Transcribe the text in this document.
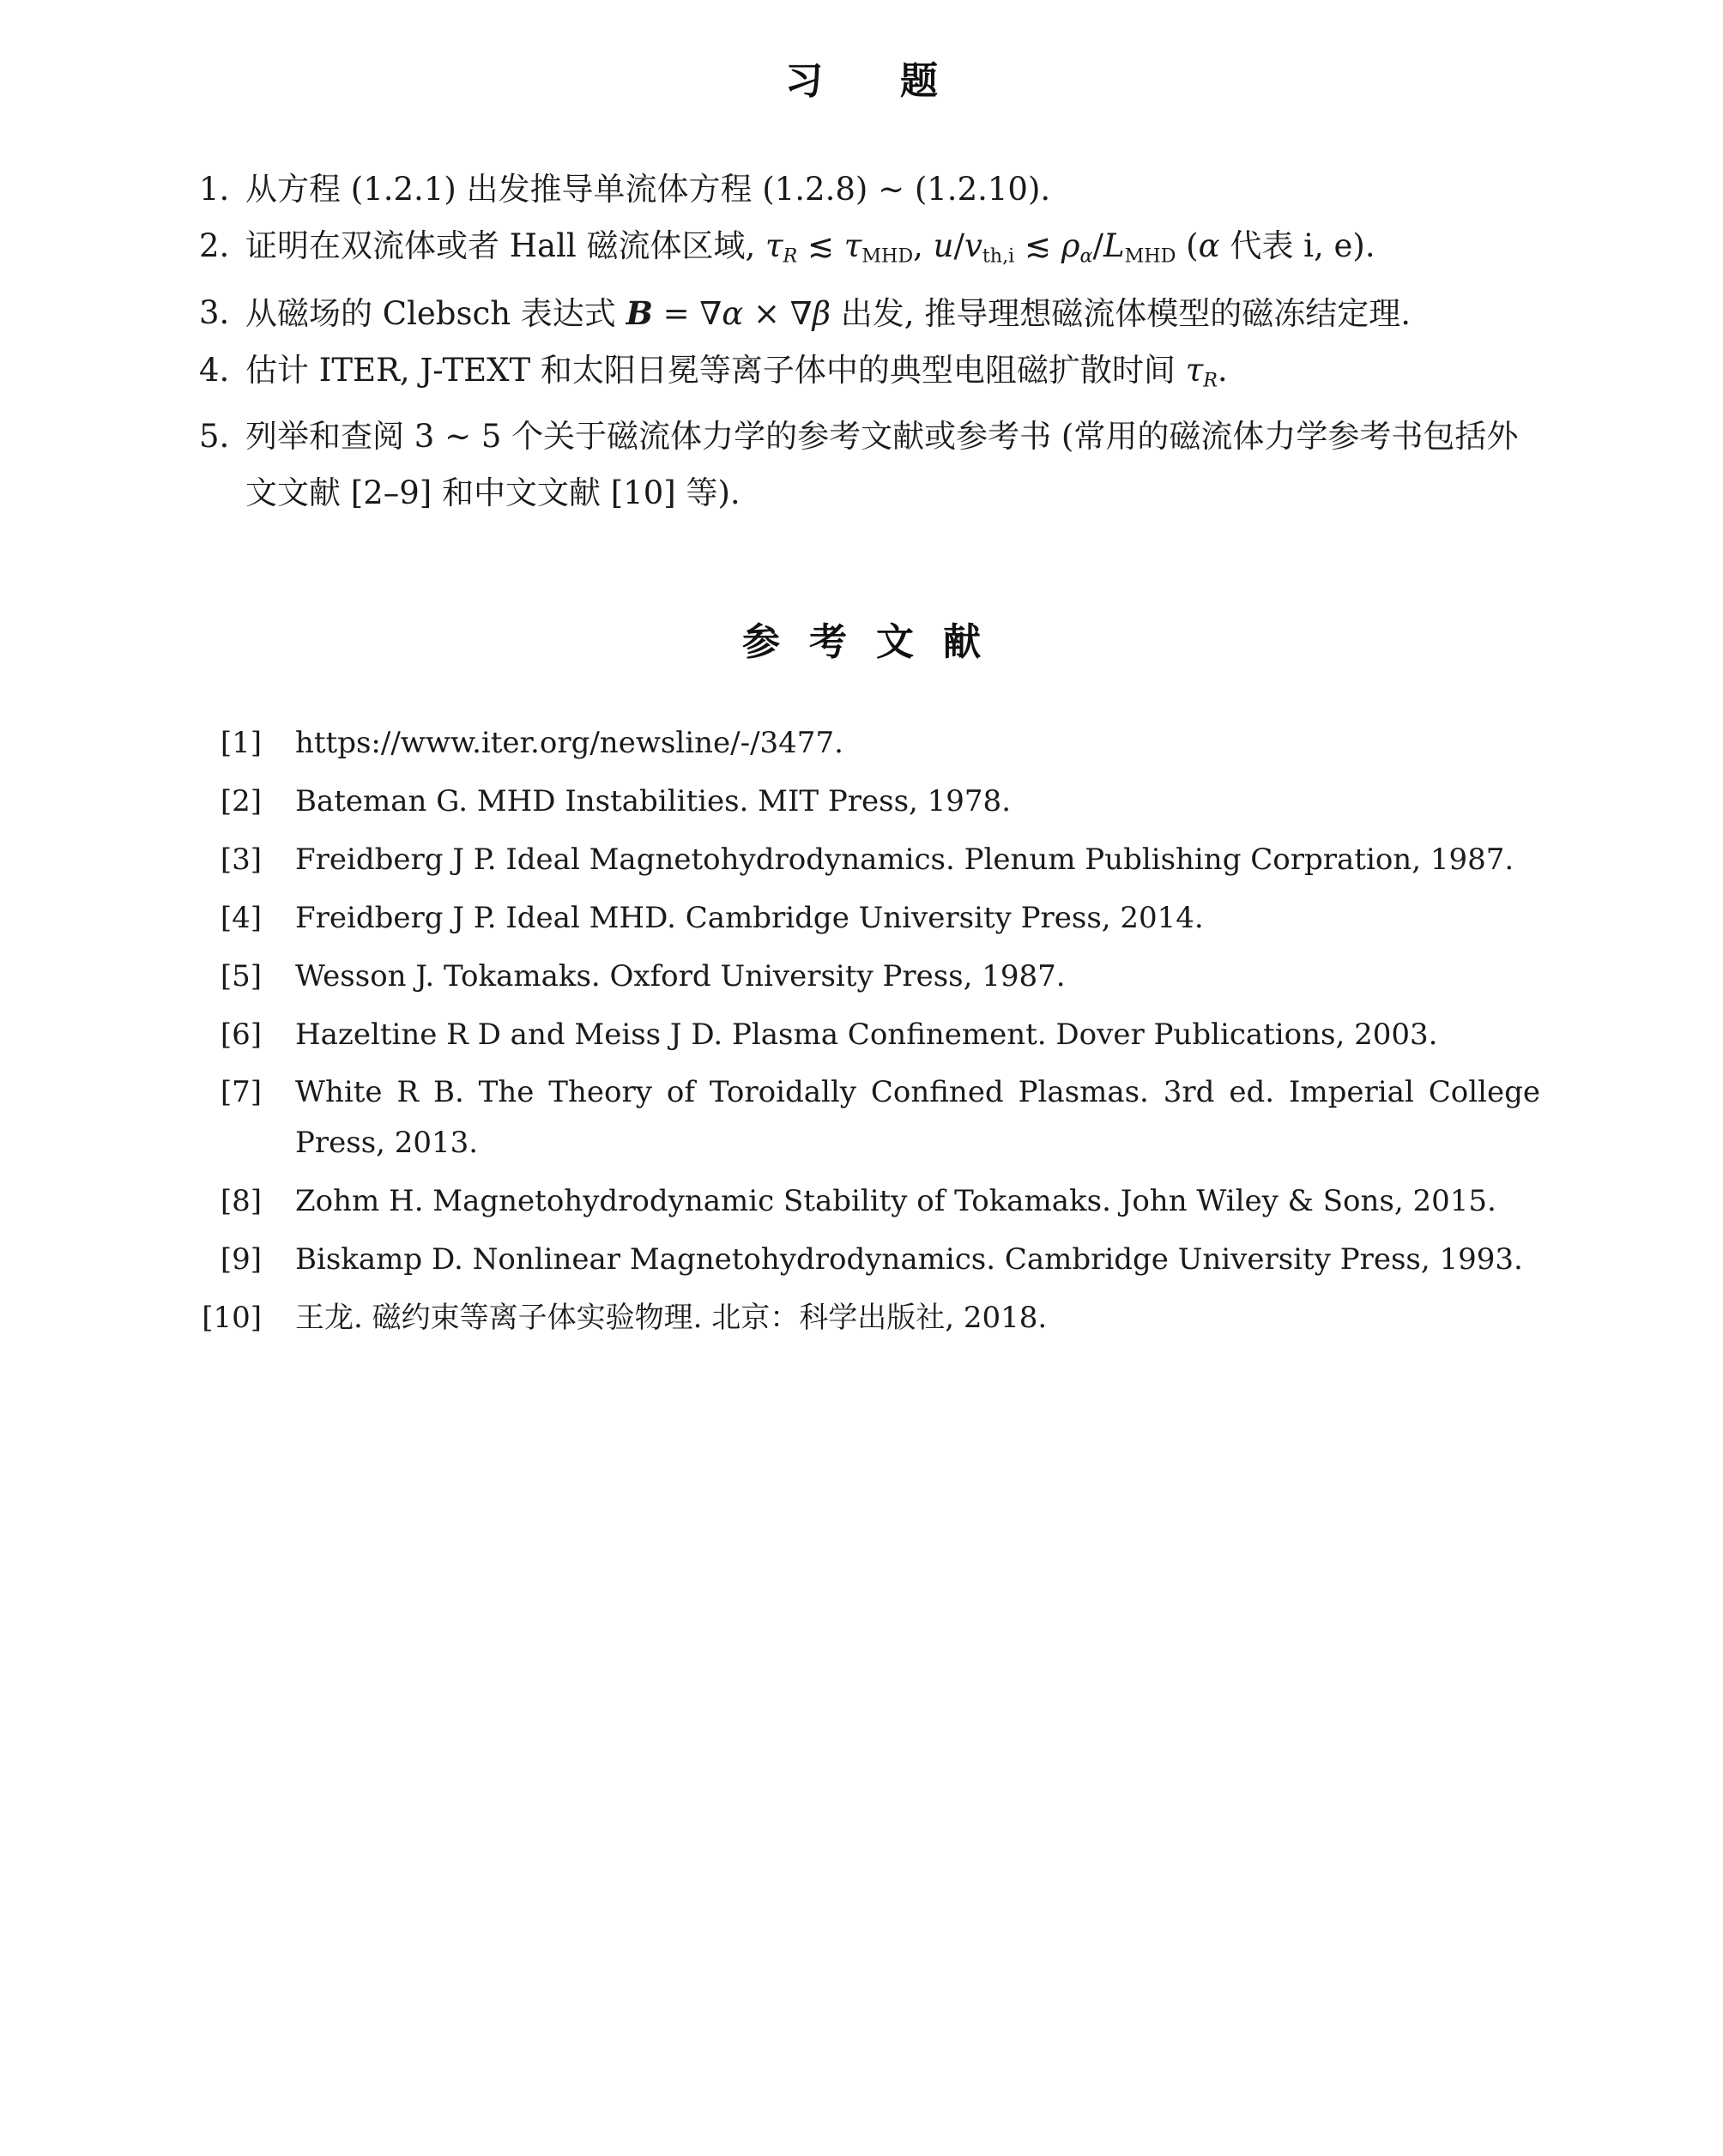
习题
1. 从方程 (1.2.1) 出发推导单流体方程 (1.2.8) ∼ (1.2.10).
2. 证明在双流体或者 Hall 磁流体区域, $\tau_R$ ≲ $\tau_{MHD}$, $u/v_{th,i}$ ≲ $\rho_\alpha/L_{MHD}$ (α 代表 i, e).
3. 从磁场的 Clebsch 表达式 B = ∇α × ∇β 出发, 推导理想磁流体模型的磁冻结定理.
4. 估计 ITER, J-TEXT 和太阳日冕等离子体中的典型电阻磁扩散时间 $\tau_R$.
5. 列举和查阅 3 ∼ 5 个关于磁流体力学的参考文献或参考书 (常用的磁流体力学参考书包括外文文献 [2–9] 和中文文献 [10] 等).
参考文献
[1]	https://www.iter.org/newsline/-/3477.
[2]	Bateman G. MHD Instabilities. MIT Press, 1978.
[3]	Freidberg J P. Ideal Magnetohydrodynamics. Plenum Publishing Corpration, 1987.
[4]	Freidberg J P. Ideal MHD. Cambridge University Press, 2014.
[5]	Wesson J. Tokamaks. Oxford University Press, 1987.
[6]	Hazeltine R D and Meiss J D. Plasma Confinement. Dover Publications, 2003.
[7]	White R B. The Theory of Toroidally Confined Plasmas. 3rd ed. Imperial College Press, 2013.
[8]	Zohm H. Magnetohydrodynamic Stability of Tokamaks. John Wiley & Sons, 2015.
[9]	Biskamp D. Nonlinear Magnetohydrodynamics. Cambridge University Press, 1993.
[10]	王龙. 磁约束等离子体实验物理. 北京：科学出版社, 2018.
